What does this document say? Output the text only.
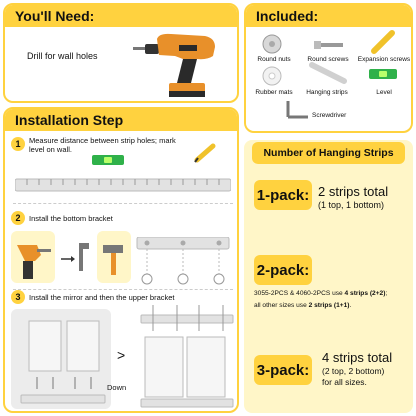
You'll Need:
Drill for wall holes
Included:
Round nuts	Round screws	Expansion screws
Rubber mats	Hanging strips	Level
Screwdriver
Installation Step
1	Measure distance between strip holes; mark level on wall.
2	Install the bottom bracket
3	Install the mirror and then the upper bracket
>
Down
Number of Hanging Strips
1-pack: 2 strips total
(1 top, 1 bottom)
2-pack:
3055-2PCS & 4060-2PCS use 4 strips (2+2);
all other sizes use 2 strips (1+1).
3-pack:
4 strips total
(2 top, 2 bottom)
for all sizes.
